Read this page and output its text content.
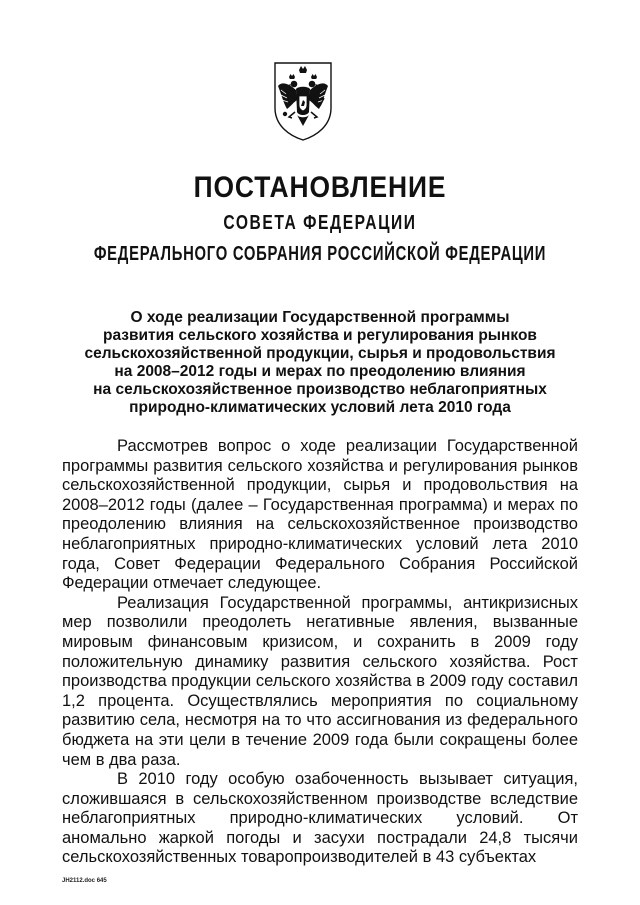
ПОСТАНОВЛЕНИЕ
СОВЕТА ФЕДЕРАЦИИ
ФЕДЕРАЛЬНОГО СОБРАНИЯ РОССИЙСКОЙ ФЕДЕРАЦИИ
О ходе реализации Государственной программы
развития сельского хозяйства и регулирования рынков
сельскохозяйственной продукции, сырья и продовольствия
на 2008–2012 годы и мерах по преодолению влияния
на сельскохозяйственное производство неблагоприятных
природно-климатических условий лета 2010 года

Рассмотрев вопрос о ходе реализации Государственной программы развития сельского хозяйства и регулирования рынков сельскохозяйственной продукции, сырья и продовольствия на 2008–2012 годы (далее – Государственная программа) и мерах по преодолению влияния на сельскохозяйственное производство неблагоприятных природно-климатических условий лета 2010 года, Совет Федерации Федерального Собрания Российской Федерации отмечает следующее.

Реализация Государственной программы, антикризисных мер позволили преодолеть негативные явления, вызванные мировым финансовым кризисом, и сохранить в 2009 году положительную динамику развития сельского хозяйства. Рост производства продукции сельского хозяйства в 2009 году составил 1,2 процента. Осуществлялись мероприятия по социальному развитию села, несмотря на то что ассигнования из федерального бюджета на эти цели в течение 2009 года были сокращены более чем в два раза.

В 2010 году особую озабоченность вызывает ситуация, сложившаяся в сельскохозяйственном производстве вследствие неблагоприятных природно-климатических условий. От аномально жаркой погоды и засухи пострадали 24,8 тысячи сельскохозяйственных товаропроизводителей в 43 субъектах

JH2112.doc 645
